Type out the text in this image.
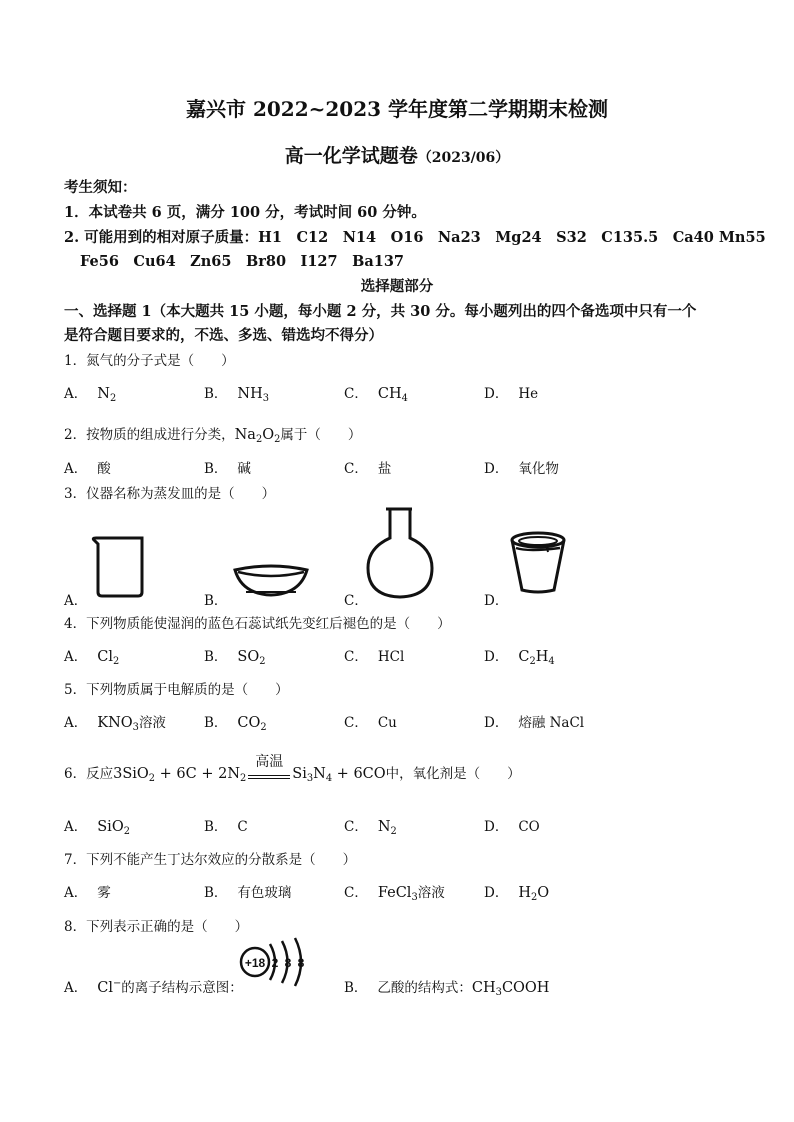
嘉兴市 2022~2023 学年度第二学期期末检测
高一化学试题卷（2023/06）
考生须知：
1．本试卷共 6 页，满分 100 分，考试时间 60 分钟。
2. 可能用到的相对原子质量：H1　C12　N14　O16　Na23　Mg24　S32　C135.5　Ca40 Mn55
Fe56　Cu64　Zn65　Br80　I127　Ba137
选择题部分
一、选择题 1（本大题共 15 小题，每小题 2 分，共 30 分。每小题列出的四个备选项中只有一个
是符合题目要求的，不选、多选、错选均不得分）
1．氮气的分子式是（　　）
A． $N_2$	B． $NH_3$	C． $CH_4$	D． He
2．按物质的组成进行分类，$Na_2O_2$属于（　　）
A． 酸	B． 碱	C． 盐	D． 氧化物
3．仪器名称为蒸发皿的是（　　）
A．	B．	C．	D．
4．下列物质能使湿润的蓝色石蕊试纸先变红后褪色的是（　　）
A． $Cl_2$	B． $SO_2$	C． HCl	D． $C_2H_4$
5．下列物质属于电解质的是（　　）
A． $KNO_3$溶液	B． $CO_2$	C． Cu	D． 熔融 NaCl
6．反应$3SiO_2 + 6C + 2N_2$
高温
$Si_3N_4 + 6CO$中，氧化剂是（　　）
A． SiO$_2$	B． C	C． $N_2$	D． CO
7．下列不能产生丁达尔效应的分散系是（　　）
A． 雾	B． 有色玻璃	C． FeCl$_3$溶液	D． $H_2O$
8．下列表示正确的是（　　）
A． Cl−的离子结构示意图：
+18 2 8 8
B． 乙酸的结构式：$CH_3COOH$
